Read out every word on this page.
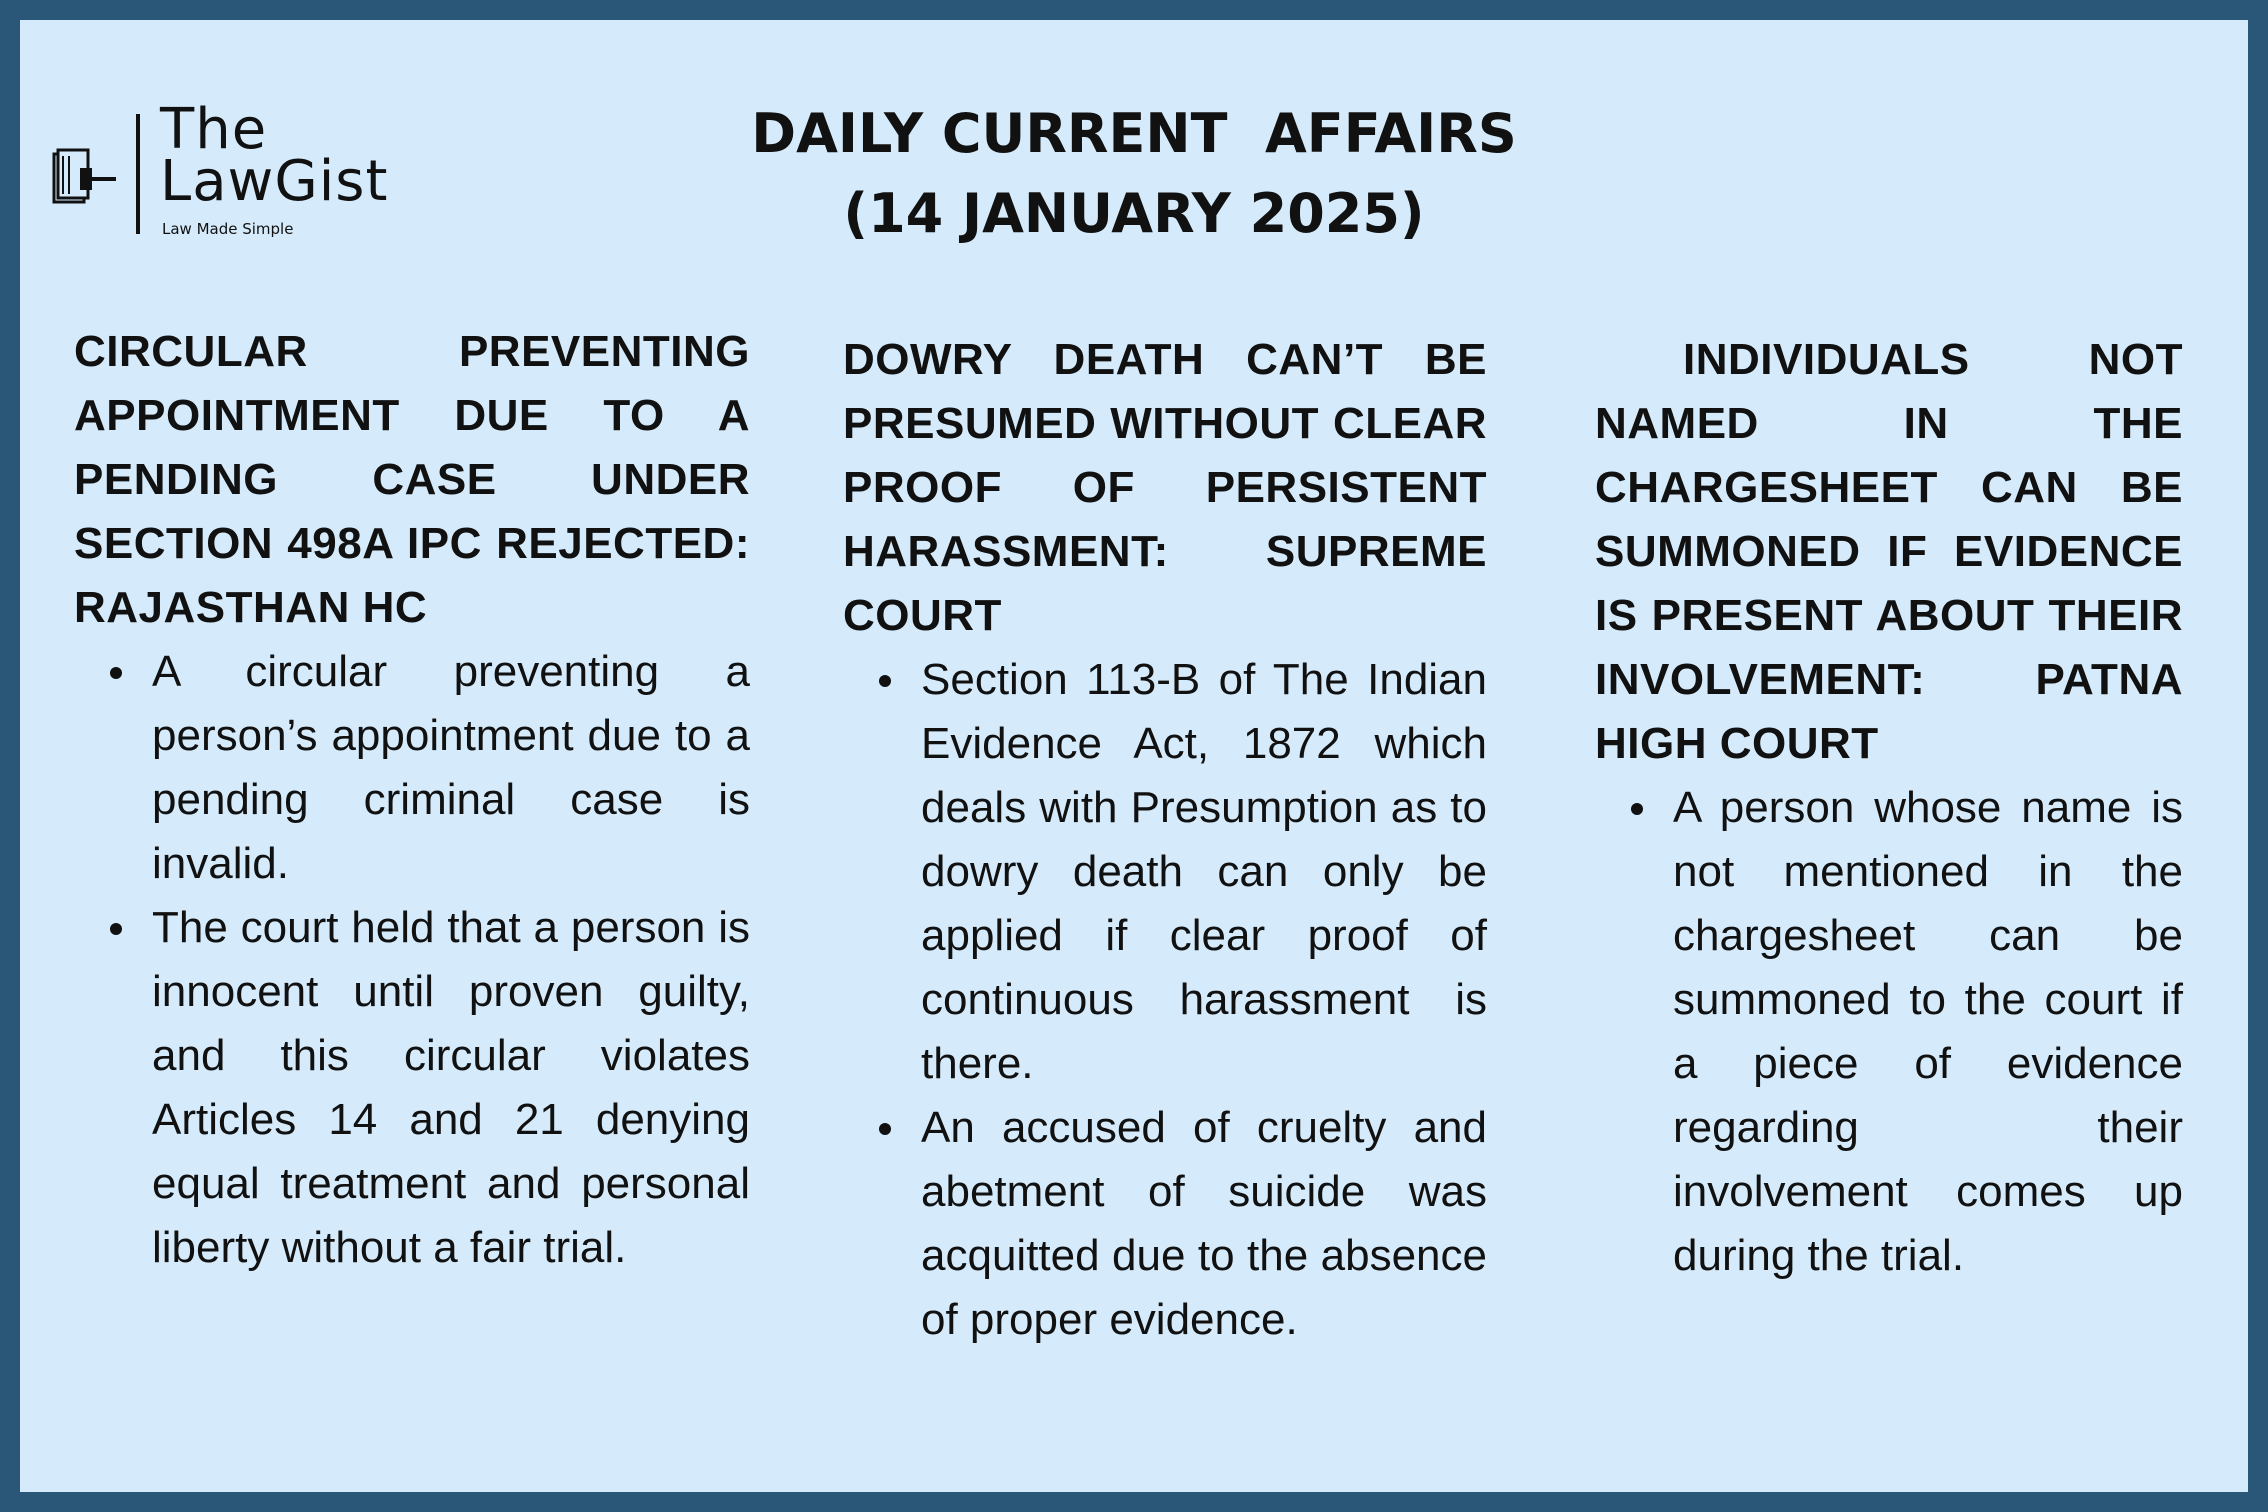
The
LawGist
Law Made Simple
DAILY CURRENT  AFFAIRS
(14 JANUARY 2025)
CIRCULAR PREVENTING APPOINTMENT DUE TO A PENDING CASE UNDER SECTION 498A IPC REJECTED: RAJASTHAN HC
A circular preventing a person’s appointment due to a pending criminal case is invalid.
The court held that a person is innocent until proven guilty, and this circular violates Articles 14 and 21 denying equal treatment and personal liberty without a fair trial.
DOWRY DEATH CAN’T BE PRESUMED WITHOUT CLEAR PROOF OF PERSISTENT HARASSMENT: SUPREME COURT
Section 113-B of The Indian Evidence Act, 1872 which deals with Presumption as to dowry death can only be applied if clear proof of continuous harassment is there.
An accused of cruelty and abetment of suicide was acquitted due to the absence of proper evidence.
INDIVIDUALS NOT NAMED IN THE CHARGESHEET CAN BE SUMMONED IF EVIDENCE IS PRESENT ABOUT THEIR INVOLVEMENT: PATNA HIGH COURT
A person whose name is not mentioned in the chargesheet can be summoned to the court if a piece of evidence regarding their involvement comes up during the trial.
